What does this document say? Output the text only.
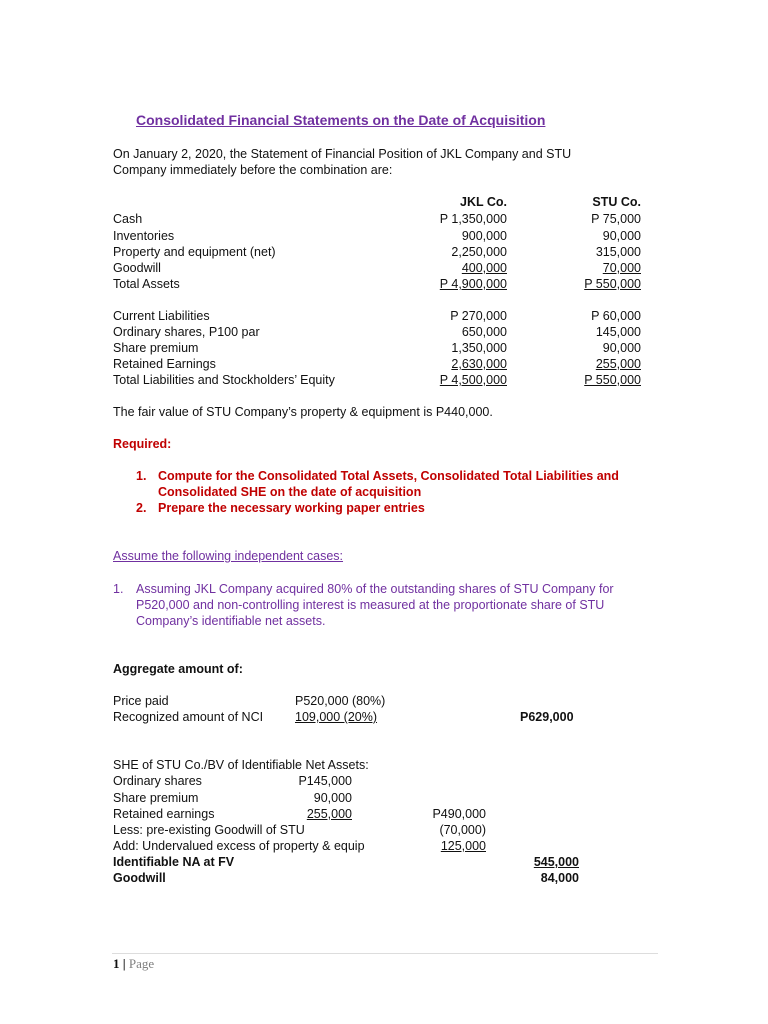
Consolidated Financial Statements on the Date of Acquisition
On January 2, 2020, the Statement of Financial Position of JKL Company and STU
Company immediately before the combination are:
JKL Co.	STU Co.
Cash	P 1,350,000	P 75,000
Inventories	900,000	90,000
Property and equipment (net)	2,250,000	315,000
Goodwill	400,000	70,000
Total Assets	P 4,900,000	P 550,000
Current Liabilities	P 270,000	P 60,000
Ordinary shares, P100 par	650,000	145,000
Share premium	1,350,000	90,000
Retained Earnings	2,630,000	255,000
Total Liabilities and Stockholders’ Equity	P 4,500,000	P 550,000
The fair value of STU Company’s property & equipment is P440,000.
Required:
1. Compute for the Consolidated Total Assets, Consolidated Total Liabilities and
Consolidated SHE on the date of acquisition
2. Prepare the necessary working paper entries
Assume the following independent cases:
1. Assuming JKL Company acquired 80% of the outstanding shares of STU Company for
P520,000 and non-controlling interest is measured at the proportionate share of STU
Company’s identifiable net assets.
Aggregate amount of:
Price paid	P520,000 (80%)
Recognized amount of NCI	109,000 (20%)	P629,000
SHE of STU Co./BV of Identifiable Net Assets:
Ordinary shares	P145,000
Share premium	90,000
Retained earnings	255,000	P490,000
Less: pre-existing Goodwill of STU	(70,000)
Add: Undervalued excess of property & equip	125,000
Identifiable NA at FV	545,000
Goodwill	84,000
1 | Page
